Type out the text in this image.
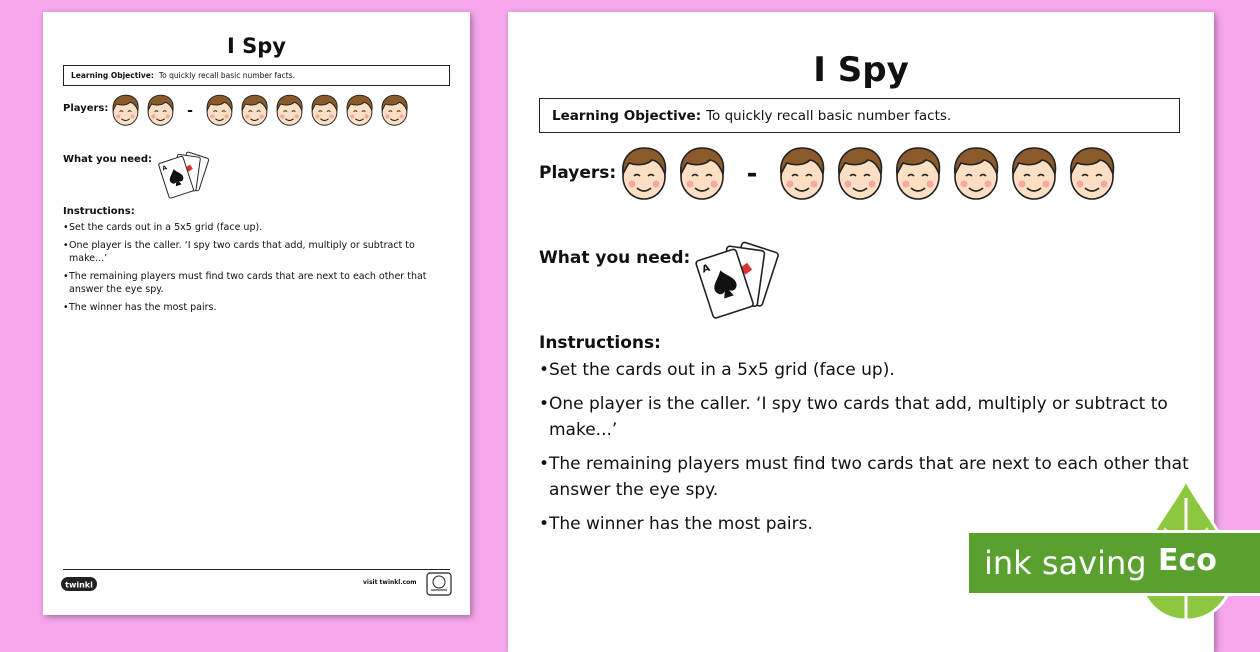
I Spy
Learning Objective: To quickly recall basic number facts.
Players:	-
What you need:
Instructions:
• Set the cards out in a 5x5 grid (face up).
• One player is the caller. ‘I spy two cards that add, multiply or subtract to make...’
• The remaining players must find two cards that are next to each other that answer the eye spy.
• The winner has the most pairs.
twinkl	visit twinkl.com
I Spy
Learning Objective: To quickly recall basic number facts.
Players:	-
What you need:
Instructions:
• Set the cards out in a 5x5 grid (face up).
• One player is the caller. ‘I spy two cards that add, multiply or subtract to make...’
• The remaining players must find two cards that are next to each other that answer the eye spy.
• The winner has the most pairs.
ink saving Eco
